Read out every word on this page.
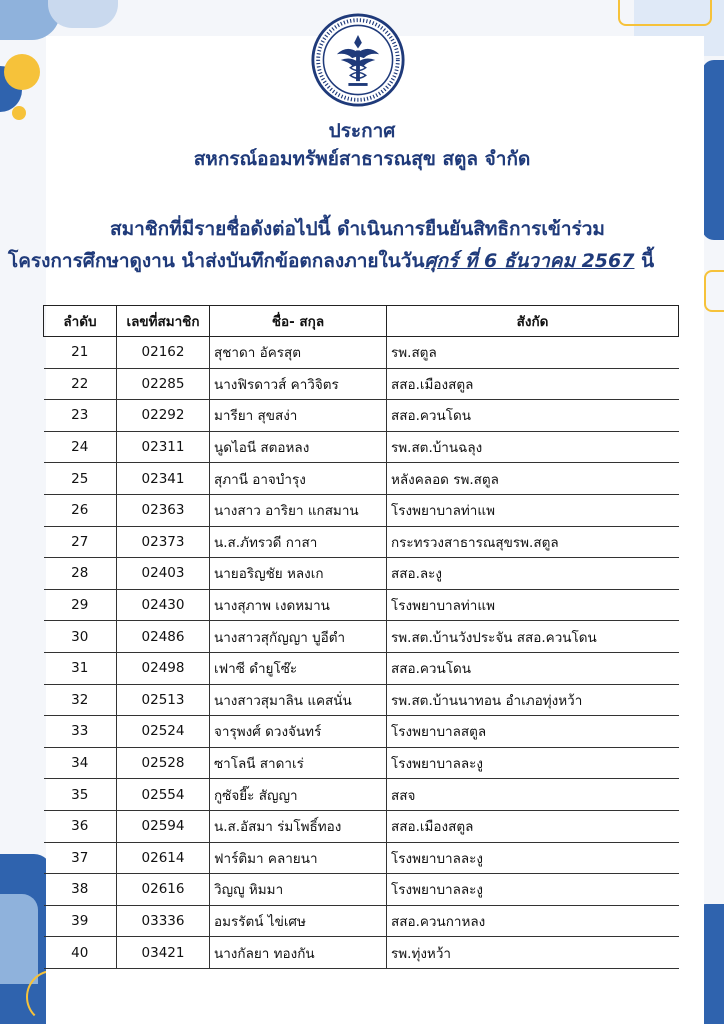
ประกาศ
สหกรณ์ออมทรัพย์สาธารณสุข สตูล จำกัด
สมาชิกที่มีรายชื่อดังต่อไปนี้ ดำเนินการยืนยันสิทธิการเข้าร่วม
โครงการศึกษาดูงาน นำส่งบันทึกข้อตกลงภายในวันศุกร์ ที่ 6 ธันวาคม 2567 นี้
ลำดับ	เลขที่สมาชิก	ชื่อ- สกุล	สังกัด
21	02162	สุชาดา อัครสุต	รพ.สตูล
22	02285	นางฟิรดาวส์ คาวิจิตร	สสอ.เมืองสตูล
23	02292	มารียา สุขสง่า	สสอ.ควนโดน
24	02311	นูดไอนี สตอหลง	รพ.สต.บ้านฉลุง
25	02341	สุภานี อาจบำรุง	หลังคลอด รพ.สตูล
26	02363	นางสาว อาริยา แกสมาน	โรงพยาบาลท่าแพ
27	02373	น.ส.ภัทรวดี กาสา	กระทรวงสาธารณสุขรพ.สตูล
28	02403	นายอริญชัย หลงเก	สสอ.ละงู
29	02430	นางสุภาพ เงดหมาน	โรงพยาบาลท่าแพ
30	02486	นางสาวสุกัญญา บูอีตำ	รพ.สต.บ้านวังประจัน สสอ.ควนโดน
31	02498	เฟาซี ดำยูโซ๊ะ	สสอ.ควนโดน
32	02513	นางสาวสุมาลิน แคสนั่น	รพ.สต.บ้านนาทอน อำเภอทุ่งหว้า
33	02524	จารุพงศ์ ดวงจันทร์	โรงพยาบาลสตูล
34	02528	ซาโลนี สาดาเร่	โรงพยาบาลละงู
35	02554	กูซัจยี๊ะ สัญญา	สสจ
36	02594	น.ส.อัสมา ร่มโพธิ์ทอง	สสอ.เมืองสตูล
37	02614	ฟาร์ติมา คลายนา	โรงพยาบาลละงู
38	02616	วิญญู หิมมา	โรงพยาบาลละงู
39	03336	อมรรัตน์ ไข่เศษ	สสอ.ควนกาหลง
40	03421	นางกัลยา ทองกัน	รพ.ทุ่งหว้า
